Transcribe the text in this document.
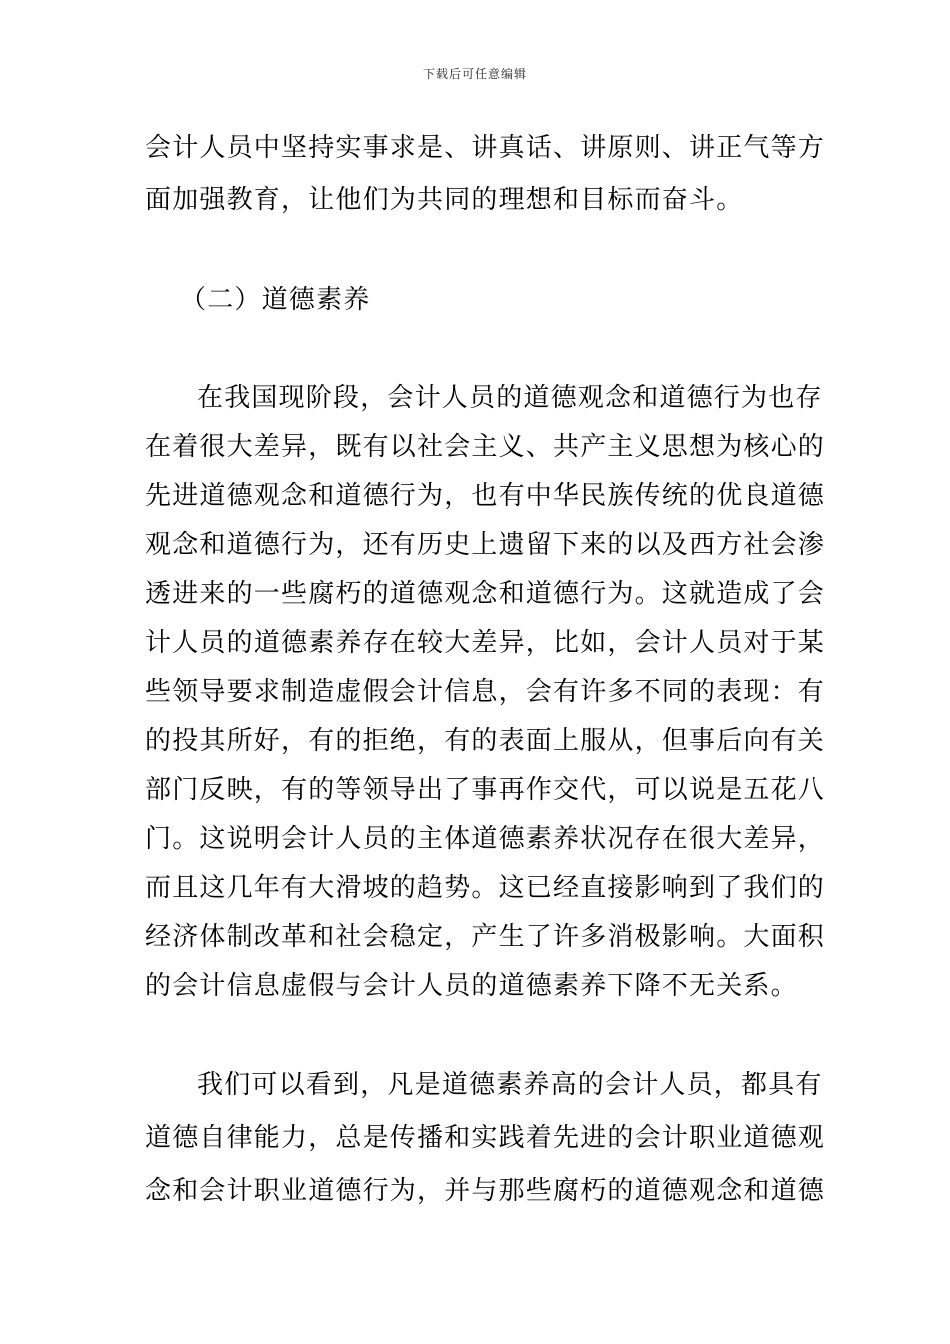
下载后可任意编辑
会计人员中坚持实事求是、讲真话、讲原则、讲正气等方
面加强教育，让他们为共同的理想和目标而奋斗。
（二）道德素养
在我国现阶段，会计人员的道德观念和道德行为也存
在着很大差异，既有以社会主义、共产主义思想为核心的
先进道德观念和道德行为，也有中华民族传统的优良道德
观念和道德行为，还有历史上遗留下来的以及西方社会渗
透进来的一些腐朽的道德观念和道德行为。这就造成了会
计人员的道德素养存在较大差异，比如，会计人员对于某
些领导要求制造虚假会计信息，会有许多不同的表现：有
的投其所好，有的拒绝，有的表面上服从，但事后向有关
部门反映，有的等领导出了事再作交代，可以说是五花八
门。这说明会计人员的主体道德素养状况存在很大差异，
而且这几年有大滑坡的趋势。这已经直接影响到了我们的
经济体制改革和社会稳定，产生了许多消极影响。大面积
的会计信息虚假与会计人员的道德素养下降不无关系。
我们可以看到，凡是道德素养高的会计人员，都具有
道德自律能力，总是传播和实践着先进的会计职业道德观
念和会计职业道德行为，并与那些腐朽的道德观念和道德
